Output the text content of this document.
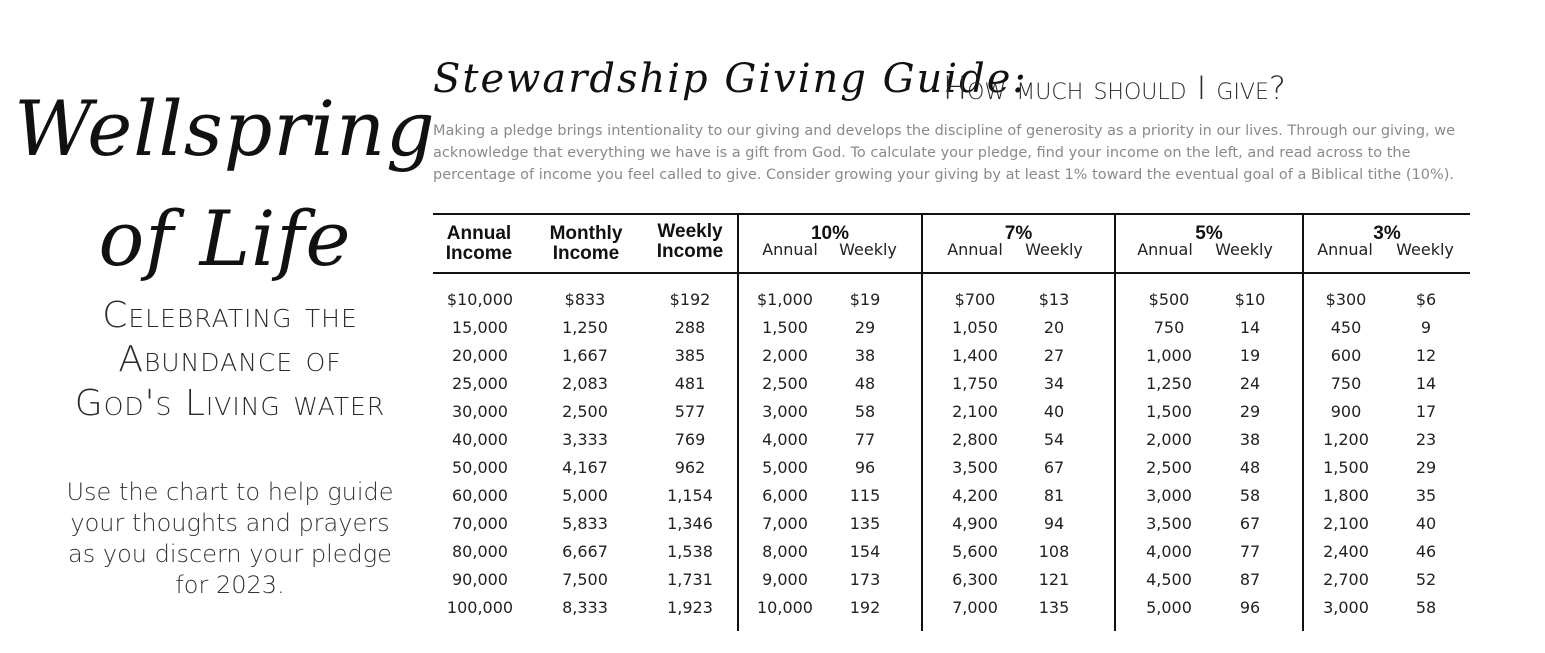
Wellspring
of Life
Celebrating the
Abundance of
God's Living water
Use the chart to help guide
your thoughts and prayers
as you discern your pledge
for 2023.
Stewardship Giving Guide:
How much should I give?
Making a pledge brings intentionality to our giving and develops the discipline of generosity as a priority in our lives. Through our giving, we
acknowledge that everything we have is a gift from God. To calculate your pledge, find your income on the left, and read across to the
percentage of income you feel called to give. Consider growing your giving by at least 1% toward the eventual goal of a Biblical tithe (10%).
Annual
Income
Monthly
Income
Weekly
Income
10%
Annual	Weekly
7%
Annual	Weekly
5%
Annual	Weekly
3%
Annual	Weekly
$10,000	$833	$192	$1,000	$19	$700	$13	$500	$10	$300	$6
15,000	1,250	288	1,500	29	1,050	20	750	14	450	9
20,000	1,667	385	2,000	38	1,400	27	1,000	19	600	12
25,000	2,083	481	2,500	48	1,750	34	1,250	24	750	14
30,000	2,500	577	3,000	58	2,100	40	1,500	29	900	17
40,000	3,333	769	4,000	77	2,800	54	2,000	38	1,200	23
50,000	4,167	962	5,000	96	3,500	67	2,500	48	1,500	29
60,000	5,000	1,154	6,000	115	4,200	81	3,000	58	1,800	35
70,000	5,833	1,346	7,000	135	4,900	94	3,500	67	2,100	40
80,000	6,667	1,538	8,000	154	5,600	108	4,000	77	2,400	46
90,000	7,500	1,731	9,000	173	6,300	121	4,500	87	2,700	52
100,000	8,333	1,923	10,000	192	7,000	135	5,000	96	3,000	58
